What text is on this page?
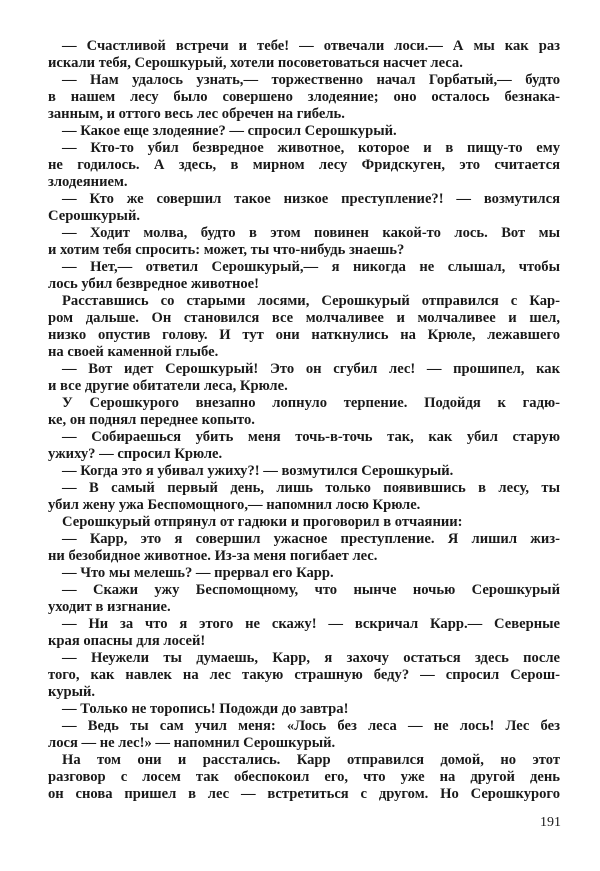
— Счастливой встречи и тебе! — отвечали лоси.— А мы как раз
искали тебя, Серошкурый, хотели посоветоваться насчет леса.
— Нам удалось узнать,— торжественно начал Горбатый,— будто
в нашем лесу было совершено злодеяние; оно осталось безнака-
занным, и оттого весь лес обречен на гибель.
— Какое еще злодеяние? — спросил Серошкурый.
— Кто-то убил безвредное животное, которое и в пищу-то ему
не годилось. А здесь, в мирном лесу Фридскуген, это считается
злодеянием.
— Кто же совершил такое низкое преступление?! — возмутился
Серошкурый.
— Ходит молва, будто в этом повинен какой-то лось. Вот мы
и хотим тебя спросить: может, ты что-нибудь знаешь?
— Нет,— ответил Серошкурый,— я никогда не слышал, чтобы
лось убил безвредное животное!
Расставшись со старыми лосями, Серошкурый отправился с Кар-
ром дальше. Он становился все молчаливее и молчаливее и шел,
низко опустив голову. И тут они наткнулись на Крюле, лежавшего
на своей каменной глыбе.
— Вот идет Серошкурый! Это он сгубил лес! — прошипел, как
и все другие обитатели леса, Крюле.
У Серошкурого внезапно лопнуло терпение. Подойдя к гадю-
ке, он поднял переднее копыто.
— Собираешься убить меня точь-в-точь так, как убил старую
ужиху? — спросил Крюле.
— Когда это я убивал ужиху?! — возмутился Серошкурый.
— В самый первый день, лишь только появившись в лесу, ты
убил жену ужа Беспомощного,— напомнил лосю Крюле.
Серошкурый отпрянул от гадюки и проговорил в отчаянии:
— Карр, это я совершил ужасное преступление. Я лишил жиз-
ни безобидное животное. Из-за меня погибает лес.
— Что мы мелешь? — прервал его Карр.
— Скажи ужу Беспомощному, что нынче ночью Серошкурый
уходит в изгнание.
— Ни за что я этого не скажу! — вскричал Карр.— Северные
края опасны для лосей!
— Неужели ты думаешь, Карр, я захочу остаться здесь после
того, как навлек на лес такую страшную беду? — спросил Серош-
курый.
— Только не торопись! Подожди до завтра!
— Ведь ты сам учил меня: «Лось без леса — не лось! Лес без
лося — не лес!» — напомнил Серошкурый.
На том они и расстались. Карр отправился домой, но этот
разговор с лосем так обеспокоил его, что уже на другой день
он снова пришел в лес — встретиться с другом. Но Серошкурого
191
